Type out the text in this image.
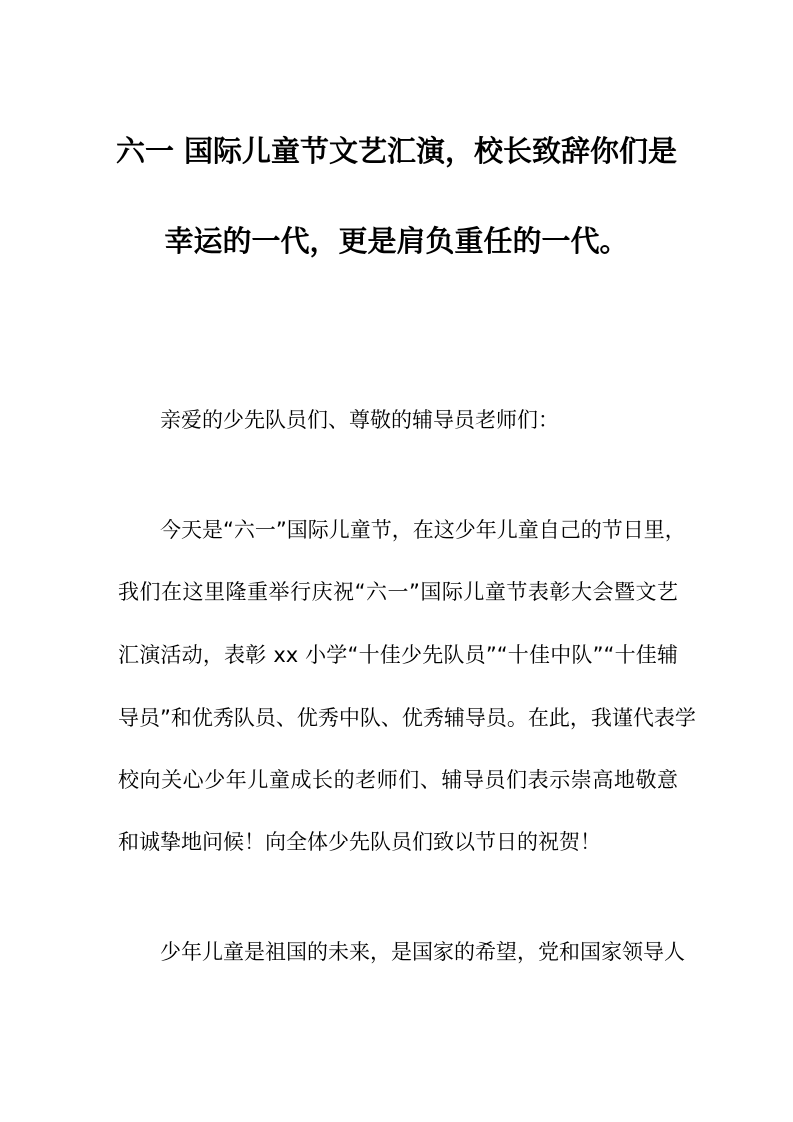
六一 国际儿童节文艺汇演，校长致辞你们是
幸运的一代，更是肩负重任的一代。
亲爱的少先队员们、尊敬的辅导员老师们：
今天是“六一”国际儿童节，在这少年儿童自己的节日里，
我们在这里隆重举行庆祝“六一”国际儿童节表彰大会暨文艺
汇演活动，表彰 xx 小学“十佳少先队员”“十佳中队”“十佳辅
导员”和优秀队员、优秀中队、优秀辅导员。在此，我谨代表学
校向关心少年儿童成长的老师们、辅导员们表示崇高地敬意
和诚挚地问候！向全体少先队员们致以节日的祝贺！
少年儿童是祖国的未来，是国家的希望，党和国家领导人
